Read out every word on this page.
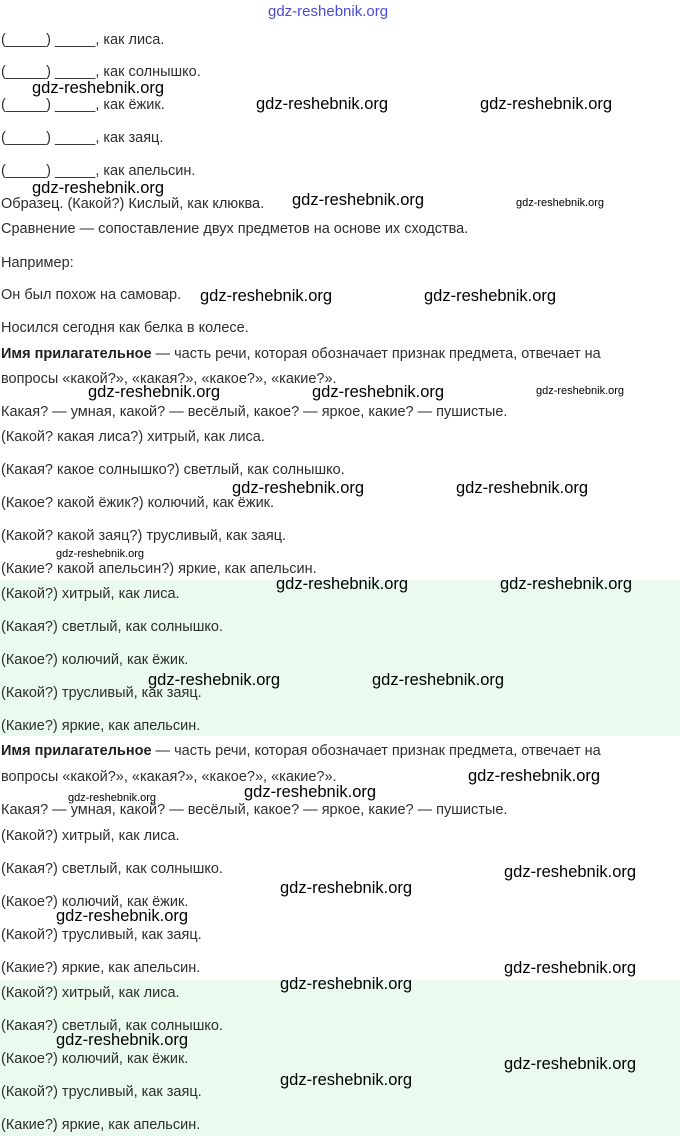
gdz-reshebnik.org
(_____) _____, как лиса.
(_____) _____, как солнышко.
(_____) _____, как ёжик.
(_____) _____, как заяц.
(_____) _____, как апельсин.
Образец. (Какой?) Кислый, как клюква.
Сравнение — сопоставление двух предметов на основе их сходства.
Например:
Он был похож на самовар.
Носился сегодня как белка в колесе.
Имя прилагательное — часть речи, которая обозначает признак предмета, отвечает на
вопросы «какой?», «какая?», «какое?», «какие?».
Какая? — умная, какой? — весёлый, какое? — яркое, какие? — пушистые.
(Какой? какая лиса?) хитрый, как лиса.
(Какая? какое солнышко?) светлый, как солнышко.
(Какое? какой ёжик?) колючий, как ёжик.
(Какой? какой заяц?) трусливый, как заяц.
(Какие? какой апельсин?) яркие, как апельсин.
(Какой?) хитрый, как лиса.
(Какая?) светлый, как солнышко.
(Какое?) колючий, как ёжик.
(Какой?) трусливый, как заяц.
(Какие?) яркие, как апельсин.
Имя прилагательное — часть речи, которая обозначает признак предмета, отвечает на
вопросы «какой?», «какая?», «какое?», «какие?».
Какая? — умная, какой? — весёлый, какое? — яркое, какие? — пушистые.
(Какой?) хитрый, как лиса.
(Какая?) светлый, как солнышко.
(Какое?) колючий, как ёжик.
(Какой?) трусливый, как заяц.
(Какие?) яркие, как апельсин.
(Какой?) хитрый, как лиса.
(Какая?) светлый, как солнышко.
(Какое?) колючий, как ёжик.
(Какой?) трусливый, как заяц.
(Какие?) яркие, как апельсин.
gdz-reshebnik.org
gdz-reshebnik.org	gdz-reshebnik.org
gdz-reshebnik.org
gdz-reshebnik.org	gdz-reshebnik.org
gdz-reshebnik.org	gdz-reshebnik.org
gdz-reshebnik.org	gdz-reshebnik.org	gdz-reshebnik.org
gdz-reshebnik.org	gdz-reshebnik.org
gdz-reshebnik.org
gdz-reshebnik.org	gdz-reshebnik.org
gdz-reshebnik.org	gdz-reshebnik.org
gdz-reshebnik.org
gdz-reshebnik.org
gdz-reshebnik.org
gdz-reshebnik.org
gdz-reshebnik.org
gdz-reshebnik.org
gdz-reshebnik.org
gdz-reshebnik.org
gdz-reshebnik.org
gdz-reshebnik.org
gdz-reshebnik.org
